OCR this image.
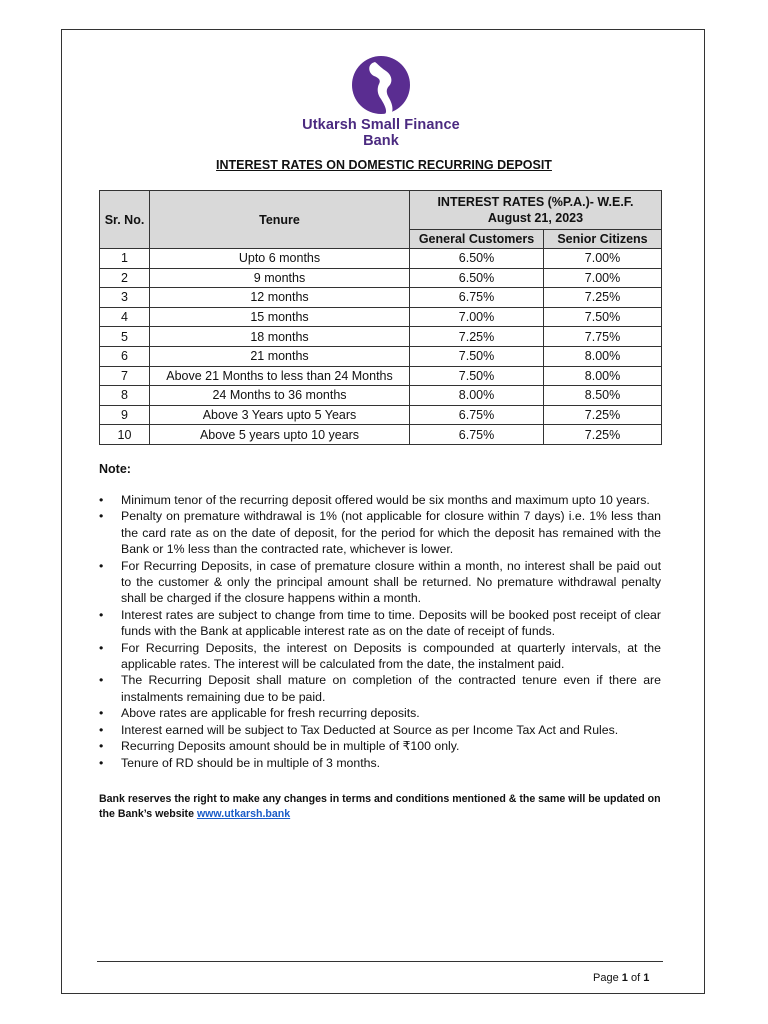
Utkarsh Small Finance Bank
INTEREST RATES ON DOMESTIC RECURRING DEPOSIT
Sr. No.	Tenure	INTEREST RATES (%P.A.)- W.E.F.
August 21, 2023	
		General Customers	Senior Citizens
1	Upto 6 months	6.50%	7.00%
2	9 months	6.50%	7.00%
3	12 months	6.75%	7.25%
4	15 months	7.00%	7.50%
5	18 months	7.25%	7.75%
6	21 months	7.50%	8.00%
7	Above 21 Months to less than 24 Months	7.50%	8.00%
8	24 Months to 36 months	8.00%	8.50%
9	Above 3 Years upto 5 Years	6.75%	7.25%
10	Above 5 years upto 10 years	6.75%	7.25%
Note:
• Minimum tenor of the recurring deposit offered would be six months and maximum upto 10 years.
• Penalty on premature withdrawal is 1% (not applicable for closure within 7 days) i.e. 1% less than the card rate as on the date of deposit, for the period for which the deposit has remained with the Bank or 1% less than the contracted rate, whichever is lower.
• For Recurring Deposits, in case of premature closure within a month, no interest shall be paid out to the customer & only the principal amount shall be returned. No premature withdrawal penalty shall be charged if the closure happens within a month.
• Interest rates are subject to change from time to time. Deposits will be booked post receipt of clear funds with the Bank at applicable interest rate as on the date of receipt of funds.
• For Recurring Deposits, the interest on Deposits is compounded at quarterly intervals, at the applicable rates. The interest will be calculated from the date, the instalment paid.
• The Recurring Deposit shall mature on completion of the contracted tenure even if there are instalments remaining due to be paid.
• Above rates are applicable for fresh recurring deposits.
• Interest earned will be subject to Tax Deducted at Source as per Income Tax Act and Rules.
• Recurring Deposits amount should be in multiple of ₹100 only.
• Tenure of RD should be in multiple of 3 months.
Bank reserves the right to make any changes in terms and conditions mentioned & the same will be updated on the Bank’s website www.utkarsh.bank
Page 1 of 1
